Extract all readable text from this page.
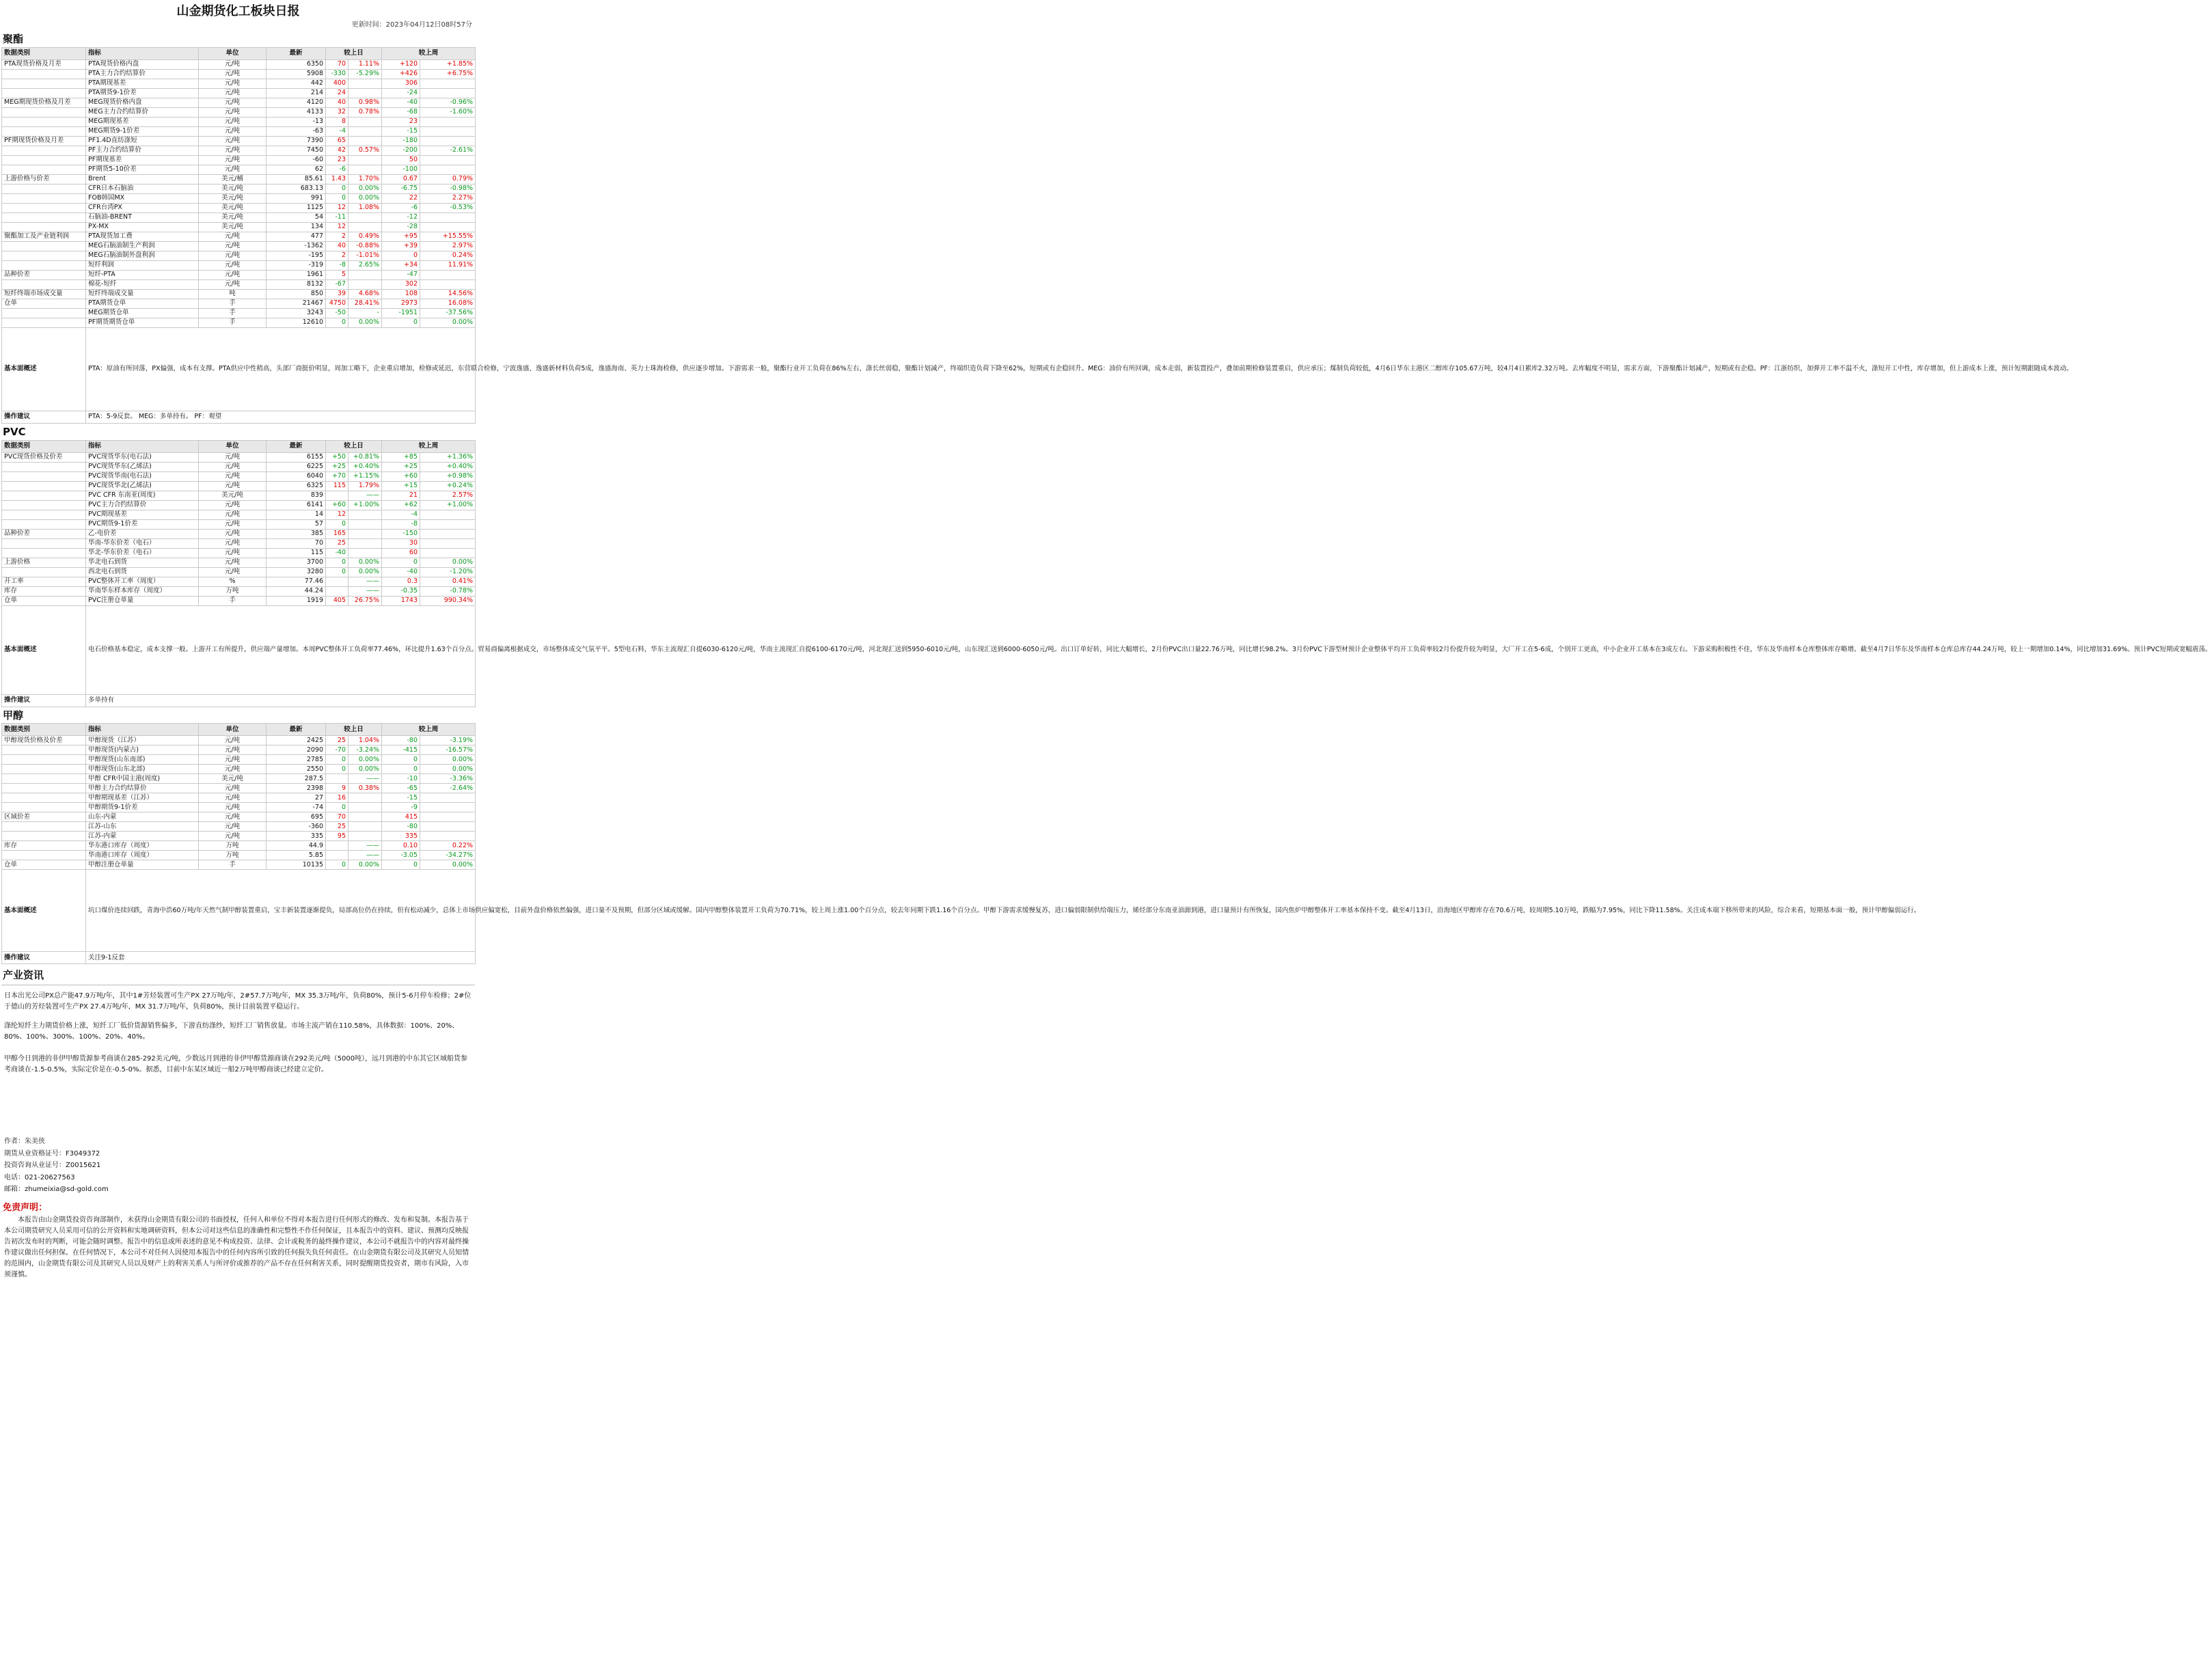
山金期货化工板块日报
更新时间：2023年04月12日08时57分
聚酯
数据类别	指标	单位	最新	较上日		较上周	
PTA现货价格及月差	PTA现货价格内盘	元/吨	6350	70	1.11%	+120	+1.85%
	PTA主力合约结算价	元/吨	5908	-330	-5.29%	+426	+6.75%
	PTA期现基差	元/吨	442	400		306	
	PTA期货9-1价差	元/吨	214	24		-24	
MEG期现货价格及月差	MEG现货价格内盘	元/吨	4120	40	0.98%	-40	-0.96%
	MEG主力合约结算价	元/吨	4133	32	0.78%	-68	-1.60%
	MEG期现基差	元/吨	-13	8		23	
	MEG期货9-1价差	元/吨	-63	-4		-15	
PF期现货价格及月差	PF1.4D直纺涤短	元/吨	7390	65		-180	
	PF主力合约结算价	元/吨	7450	42	0.57%	-200	-2.61%
	PF期现基差	元/吨	-60	23		50	
	PF期货5-10价差	元/吨	62	-6		-100	
上游价格与价差	Brent	美元/桶	85.61	1.43	1.70%	0.67	0.79%
	CFR日本石脑油	美元/吨	683.13	0	0.00%	-6.75	-0.98%
	FOB韩国MX	美元/吨	991	0	0.00%	22	2.27%
	CFR台湾PX	美元/吨	1125	12	1.08%	-6	-0.53%
	石脑油-BRENT	美元/吨	54	-11		-12	
	PX-MX	美元/吨	134	12		-28	
聚酯加工及产业链利润	PTA现货加工费	元/吨	477	2	0.49%	+95	+15.55%
	MEG石脑油制生产利润	元/吨	-1362	40	-0.88%	+39	2.97%
	MEG石脑油制外盘利润	元/吨	-195	2	-1.01%	0	0.24%
	短纤利润	元/吨	-319	-8	2.65%	+34	11.91%
品种价差	短纤-PTA	元/吨	1961	5		-47	
	棉花-短纤	元/吨	8132	-67		302	
短纤终端市场成交量	短纤终端成交量	吨	850	39	4.68%	108	14.56%
仓单	PTA期货仓单	手	21467	4750	28.41%	2973	16.08%
	MEG期货仓单	手	3243	-50	-	-1951	-37.56%
	PF期货期货仓单	手	12610	0	0.00%	0	0.00%
基本面概述	PTA：原油有所回落，PX偏强，成本有支撑。PTA供应中性稍高，头部厂商挺价明显，周加工略下，企业重启增加，检修或延迟，东营联合检修，宁波逸盛、逸盛新材料负荷5成，逸盛海南、英力士珠海检修，供应逐步增加。下游需求一般，聚酯行业开工负荷在86%左右，涤长丝弱稳，聚酯计划减产，终端织造负荷下降至62%，短期或有企稳回升。MEG：油价有所回调，成本走弱，新装置投产，叠加前期检修装置重启，供应承压；煤制负荷较低，4月6日华东主港区二醇库存105.67万吨，较4月4日累库2.32万吨。去库幅度不明显，需求方面，下游聚酯计划减产，短期或有企稳。PF：江浙纺织，加弹开工率不温不火，涤短开工中性，库存增加，但上游成本上涨，预计短期跟随成本波动。						
操作建议	PTA：5-9反套。 MEG：多单持有。 PF：观望						
PVC
数据类别	指标	单位	最新	较上日		较上周	
PVC现货价格及价差	PVC现货华东(电石法)	元/吨	6155	+50	+0.81%	+85	+1.36%
	PVC现货华东(乙烯法)	元/吨	6225	+25	+0.40%	+25	+0.40%
	PVC现货华南(电石法)	元/吨	6040	+70	+1.15%	+60	+0.98%
	PVC现货华北(乙烯法)	元/吨	6325	115	1.79%	+15	+0.24%
	PVC CFR 东南亚(周度)	美元/吨	839		——	21	2.57%
	PVC主力合约结算价	元/吨	6141	+60	+1.00%	+62	+1.00%
	PVC期现基差	元/吨	14	12		-4	
	PVC期货9-1价差	元/吨	57	0		-8	
品种价差	乙-电价差	元/吨	385	165		-150	
	华南-华东价差（电石）	元/吨	70	25		30	
	华北-华东价差（电石）	元/吨	115	-40		60	
上游价格	华北电石到货	元/吨	3700	0	0.00%	0	0.00%
	西北电石到货	元/吨	3280	0	0.00%	-40	-1.20%
开工率	PVC整体开工率（周度）	%	77.46		——	0.3	0.41%
库存	华南华东样本库存（周度）	万吨	44.24		——	-0.35	-0.78%
仓单	PVC注册仓单量	手	1919	405	26.75%	1743	990.34%
基本面概述	电石价格基本稳定，成本支撑一般。上游开工有所提升，供应端产量增加。本周PVC整体开工负荷率77.46%，环比提升1.63个百分点。贸易商偏离根据成交，市场整体成交气氛平平。5型电石料，华东主流现汇自提6030-6120元/吨，华南主流现汇自提6100-6170元/吨，河北现汇送到5950-6010元/吨，山东现汇送到6000-6050元/吨。出口订单好转，同比大幅增长，2月份PVC出口量22.76万吨，同比增长98.2%。3月份PVC下游型材预计企业整体平均开工负荷率较2月份提升较为明显，大厂开工在5-6成，个别开工更高，中小企业开工基本在3成左右。下游采购积极性不佳，华东及华南样本仓库整体库存略增。截至4月7日华东及华南样本仓库总库存44.24万吨，较上一期增加0.14%，同比增加31.69%。预计PVC短期或宽幅震荡。						
操作建议	多单持有						
甲醇
数据类别	指标	单位	最新	较上日		较上周	
甲醇现货价格及价差	甲醇现货（江苏）	元/吨	2425	25	1.04%	-80	-3.19%
	甲醇现货(内蒙古)	元/吨	2090	-70	-3.24%	-415	-16.57%
	甲醇现货(山东南部)	元/吨	2785	0	0.00%	0	0.00%
	甲醇现货(山东北部)	元/吨	2550	0	0.00%	0	0.00%
	甲醇 CFR中国主港(周度)	美元/吨	287.5		——	-10	-3.36%
	甲醇主力合约结算价	元/吨	2398	9	0.38%	-65	-2.64%
	甲醇期现基差（江苏）	元/吨	27	16		-15	
	甲醇期货9-1价差	元/吨	-74	0		-9	
区域价差	山东-内蒙	元/吨	695	70		415	
	江苏-山东	元/吨	-360	25		-80	
	江苏-内蒙	元/吨	335	95		335	
库存	华东港口库存（周度）	万吨	44.9		——	0.10	0.22%
	华南港口库存（周度）	万吨	5.85		——	-3.05	-34.27%
仓单	甲醇注册仓单量	手	10135	0	0.00%	0	0.00%
基本面概述	坑口煤价连续回跌，青海中浩60万吨/年天然气制甲醇装置重启，宝丰新装置逐渐提负，局部高位仍在持续，但有松动减少，总体上市场供应偏宽松，目前外盘价格依然偏强，进口量不及预期，但部分区域或缓解。国内甲醇整体装置开工负荷为70.71%，较上周上涨1.00个百分点，较去年同期下跌1.16个百分点。甲醇下游需求缓慢复苏，进口偏弱限制供给端压力，烯烃部分东南亚油源到港，进口量预计有所恢复，国内焦炉甲醇整体开工率基本保持不变。截至4月13日，沿海地区甲醇库存在70.6万吨，较周期5.10万吨，跌幅为7.95%，同比下降11.58%。关注成本端下移所带来的风险，综合来看，短期基本面一般，预计甲醇偏弱运行。						
操作建议	关注9-1反套						
产业资讯
日本出光公司PX总产能47.9万吨/年，其中1#芳烃装置可生产PX 27万吨/年，2#57.7万吨/年，MX 35.3万吨/年，负荷80%，预计5-6月停车检修；2#位于德山的芳烃装置可生产PX 27.4万吨/年，MX 31.7万吨/年，负荷80%，预计目前装置平稳运行。
涤纶短纤主力期货价格上涨，短纤工厂低价货源销售偏多，下游直纺涤纱，短纤工厂销售放量。市场主流产销在110.58%，具体数据：100%、20%、80%、100%、300%、100%、20%、40%。
甲醇今日到港的非伊甲醇货源参考商谈在285-292美元/吨，少数远月到港的非伊甲醇货源商谈在292美元/吨（5000吨），远月到港的中东其它区域船货参考商谈在-1.5-0.5%，实际定价是在-0.5-0%。据悉，目前中东某区域近一船2万吨甲醇商谈已经建立定价。
作者：朱美侠
期货从业资格证号：F3049372
投资咨询从业证号：Z0015621
电话：021-20627563
邮箱：zhumeixia@sd-gold.com
免责声明：
本报告由山金期货投资咨询部制作，未获得山金期货有限公司的书面授权，任何人和单位不得对本报告进行任何形式的修改、发布和复制。本报告基于本公司期货研究人员采用可信的公开资料和实地调研资料，但本公司对这些信息的准确性和完整性不作任何保证，且本报告中的资料、建议、预测均反映报告初次发布时的判断，可能会随时调整。报告中的信息或所表述的意见不构成投资、法律、会计或税务的最终操作建议，本公司不就报告中的内容对最终操作建议做出任何担保。在任何情况下，本公司不对任何人因使用本报告中的任何内容所引致的任何损失负任何责任。在山金期货有限公司及其研究人员知情的范围内，山金期货有限公司及其研究人员以及财产上的利害关系人与所评价或推荐的产品不存在任何利害关系，同时提醒期货投资者，期市有风险，入市须谨慎。
